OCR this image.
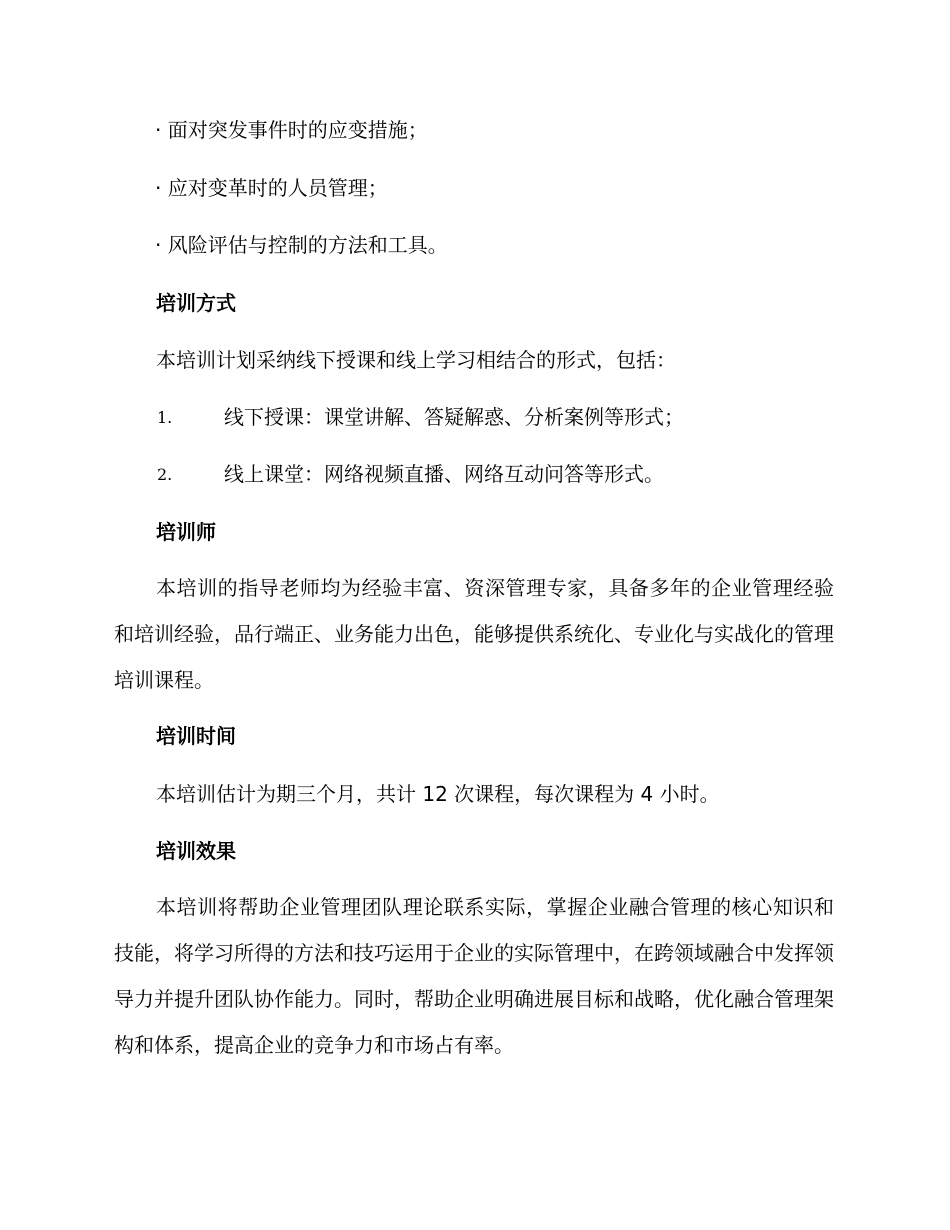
· 面对突发事件时的应变措施；
· 应对变革时的人员管理；
· 风险评估与控制的方法和工具。
培训方式
本培训计划采纳线下授课和线上学习相结合的形式，包括：
1.	线下授课：课堂讲解、答疑解惑、分析案例等形式；
2.	线上课堂：网络视频直播、网络互动问答等形式。
培训师
本培训的指导老师均为经验丰富、资深管理专家，具备多年的企业管理经验和培训经验，品行端正、业务能力出色，能够提供系统化、专业化与实战化的管理培训课程。
培训时间
本培训估计为期三个月，共计 12 次课程，每次课程为 4 小时。
培训效果
本培训将帮助企业管理团队理论联系实际，掌握企业融合管理的核心知识和技能，将学习所得的方法和技巧运用于企业的实际管理中，在跨领域融合中发挥领导力并提升团队协作能力。同时，帮助企业明确进展目标和战略，优化融合管理架构和体系，提高企业的竞争力和市场占有率。
